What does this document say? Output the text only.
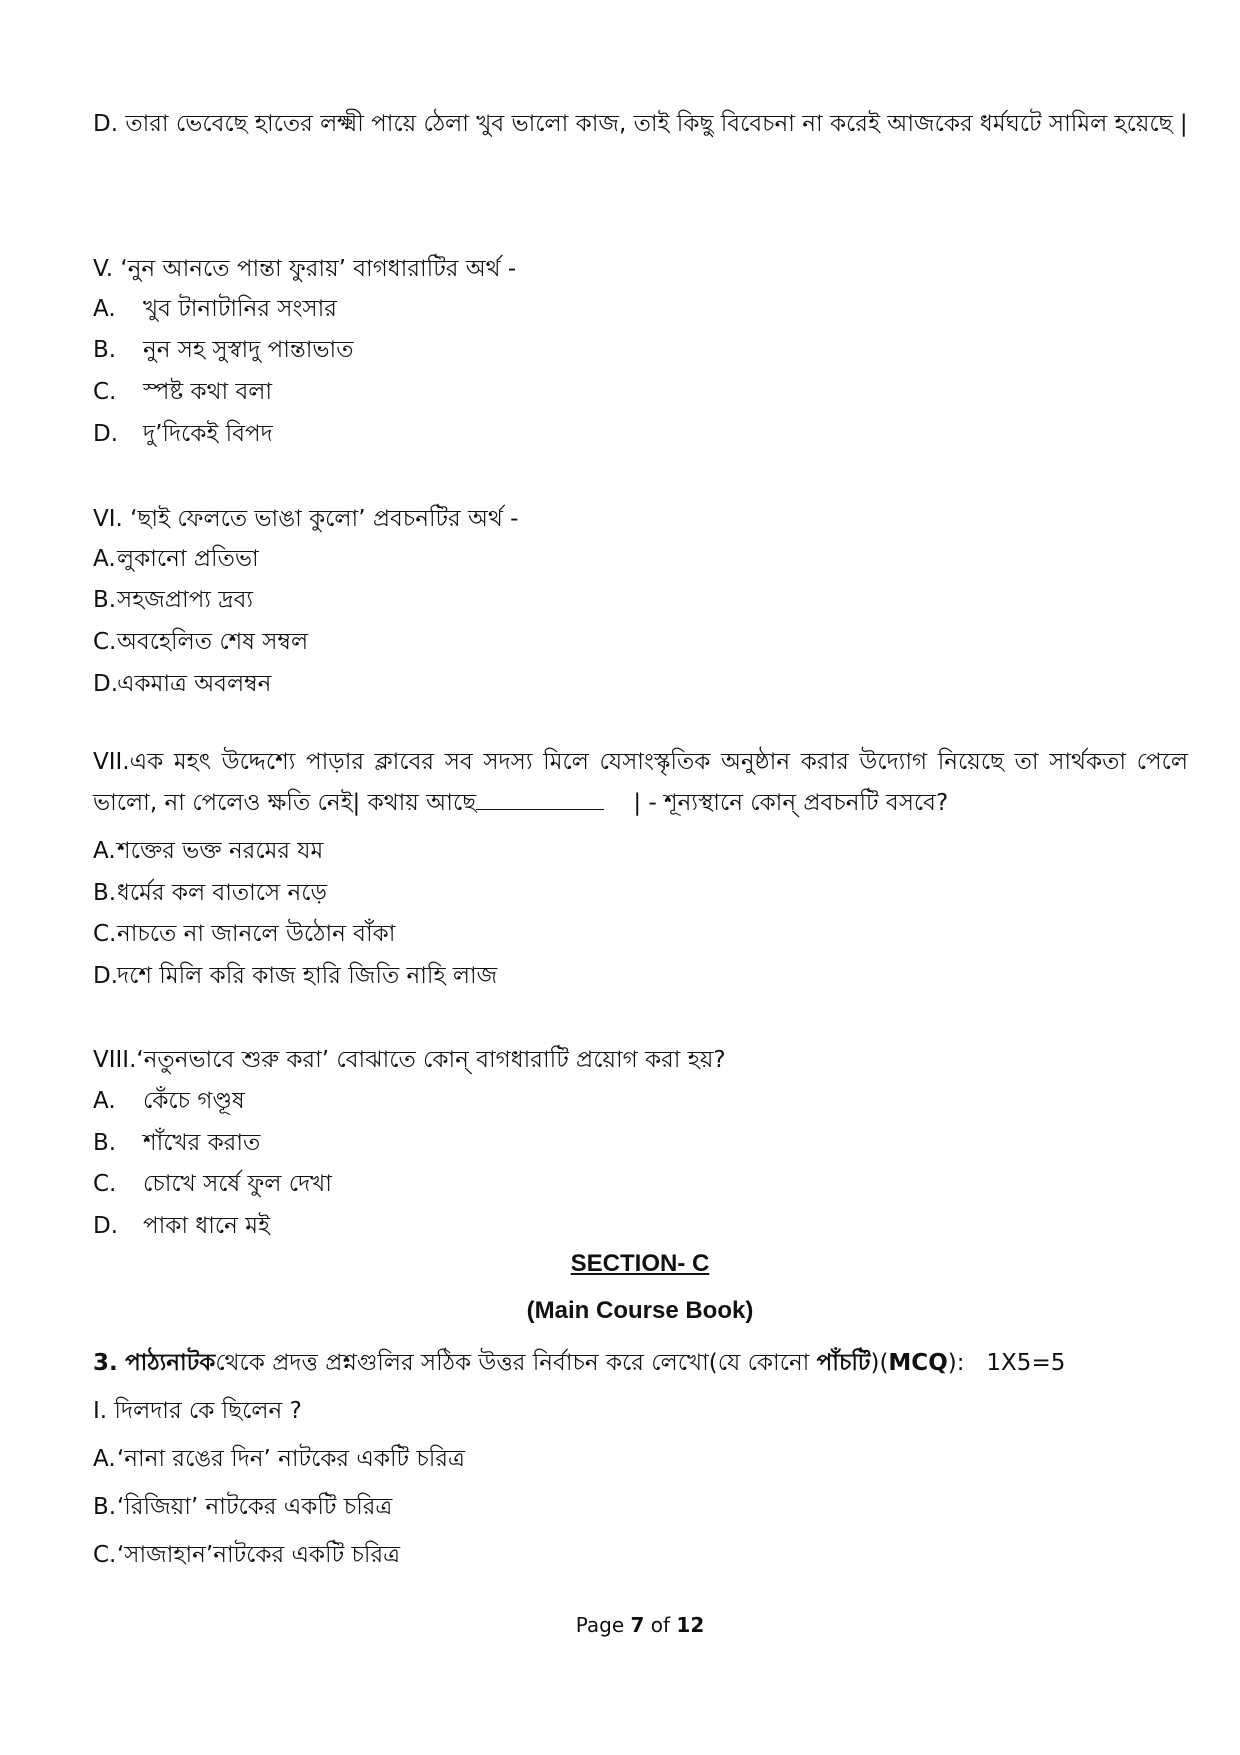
D. তারা ভেবেছে হাতের লক্ষ্মী পায়ে ঠেলা খুব ভালো কাজ, তাই কিছু বিবেচনা না করেই আজকের ধর্মঘটে সামিল হয়েছে |
V. ‘নুন আনতে পান্তা ফুরায়’ বাগধারাটির অর্থ -
A. খুব টানাটানির সংসার
B. নুন সহ সুস্বাদু পান্তাভাত
C. স্পষ্ট কথা বলা
D. দু’দিকেই বিপদ
VI. ‘ছাই ফেলতে ভাঙা কুলো’ প্রবচনটির অর্থ -
A.লুকানো প্রতিভা
B.সহজপ্রাপ্য দ্রব্য
C.অবহেলিত শেষ সম্বল
D.একমাত্র অবলম্বন
VII.এক মহৎ উদ্দেশ্যে পাড়ার ক্লাবের সব সদস্য মিলে যেসাংস্কৃতিক অনুষ্ঠান করার উদ্যোগ নিয়েছে তা সার্থকতা পেলে ভালো, না পেলেও ক্ষতি নেই| কথায় আছে	| - শূন্যস্থানে কোন্ প্রবচনটি বসবে?
A.শক্তের ভক্ত নরমের যম
B.ধর্মের কল বাতাসে নড়ে
C.নাচতে না জানলে উঠোন বাঁকা
D.দশে মিলি করি কাজ হারি জিতি নাহি লাজ
VIII.‘নতুনভাবে শুরু করা’ বোঝাতে কোন্ বাগধারাটি প্রয়োগ করা হয়?
A. কেঁচে গণ্ডূষ
B. শাঁখের করাত
C. চোখে সর্ষে ফুল দেখা
D. পাকা ধানে মই
SECTION- C
(Main Course Book)
3. পাঠ্যনাটকথেকে প্রদত্ত প্রশ্নগুলির সঠিক উত্তর নির্বাচন করে লেখো(যে কোনো পাঁচটি)(MCQ): 1X5=5
I. দিলদার কে ছিলেন ?
A.‘নানা রঙের দিন’ নাটকের একটি চরিত্র
B.‘রিজিয়া’ নাটকের একটি চরিত্র
C.‘সাজাহান’নাটকের একটি চরিত্র
Page 7 of 12
